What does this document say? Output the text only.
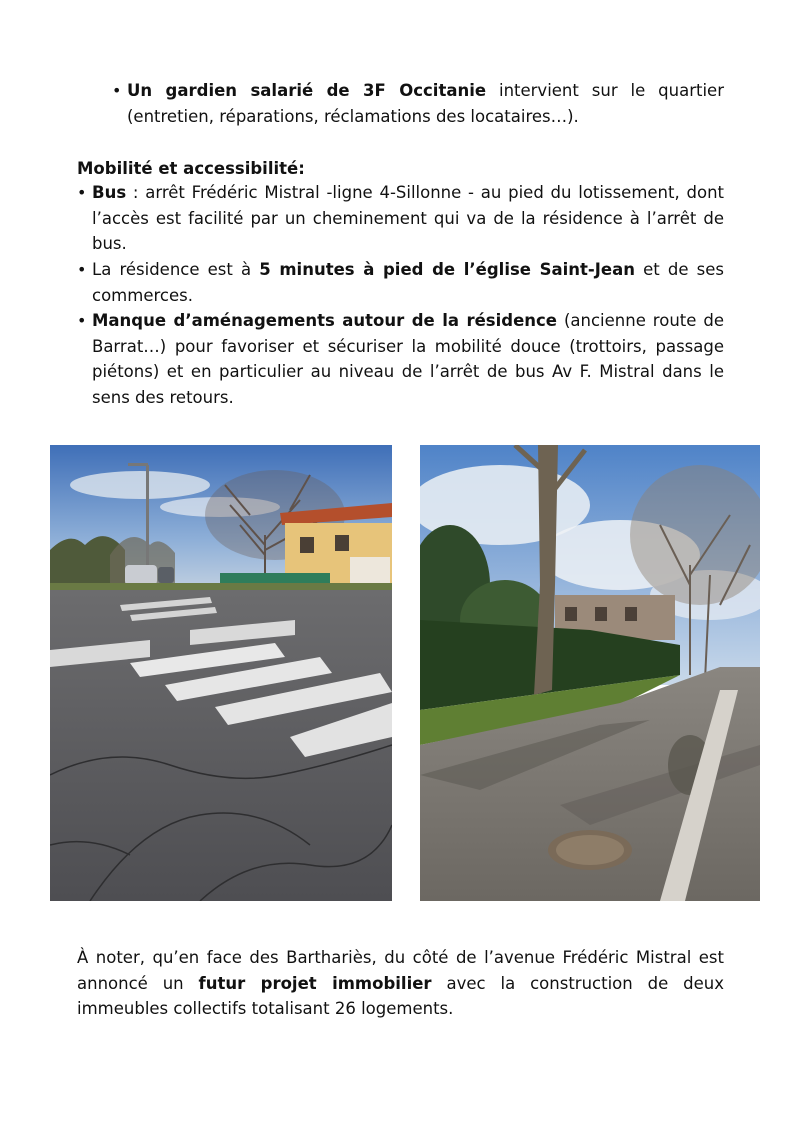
• Un gardien salarié de 3F Occitanie intervient sur le quartier (entretien, réparations, réclamations des locataires…).
Mobilité et accessibilité:
• Bus : arrêt Frédéric Mistral -ligne 4-Sillonne - au pied du lotissement, dont l’accès est facilité par un cheminement qui va de la résidence à l’arrêt de bus.
• La résidence est à 5 minutes à pied de l’église Saint-Jean et de ses commerces.
• Manque d’aménagements autour de la résidence (ancienne route de Barrat…) pour favoriser et sécuriser la mobilité douce (trottoirs, passage piétons) et en particulier au niveau de l’arrêt de bus Av F. Mistral dans le sens des retours.
À noter, qu’en face des Barthariès, du côté de l’avenue Frédéric Mistral est annoncé un futur projet immobilier avec la construction de deux immeubles collectifs totalisant 26 logements.
